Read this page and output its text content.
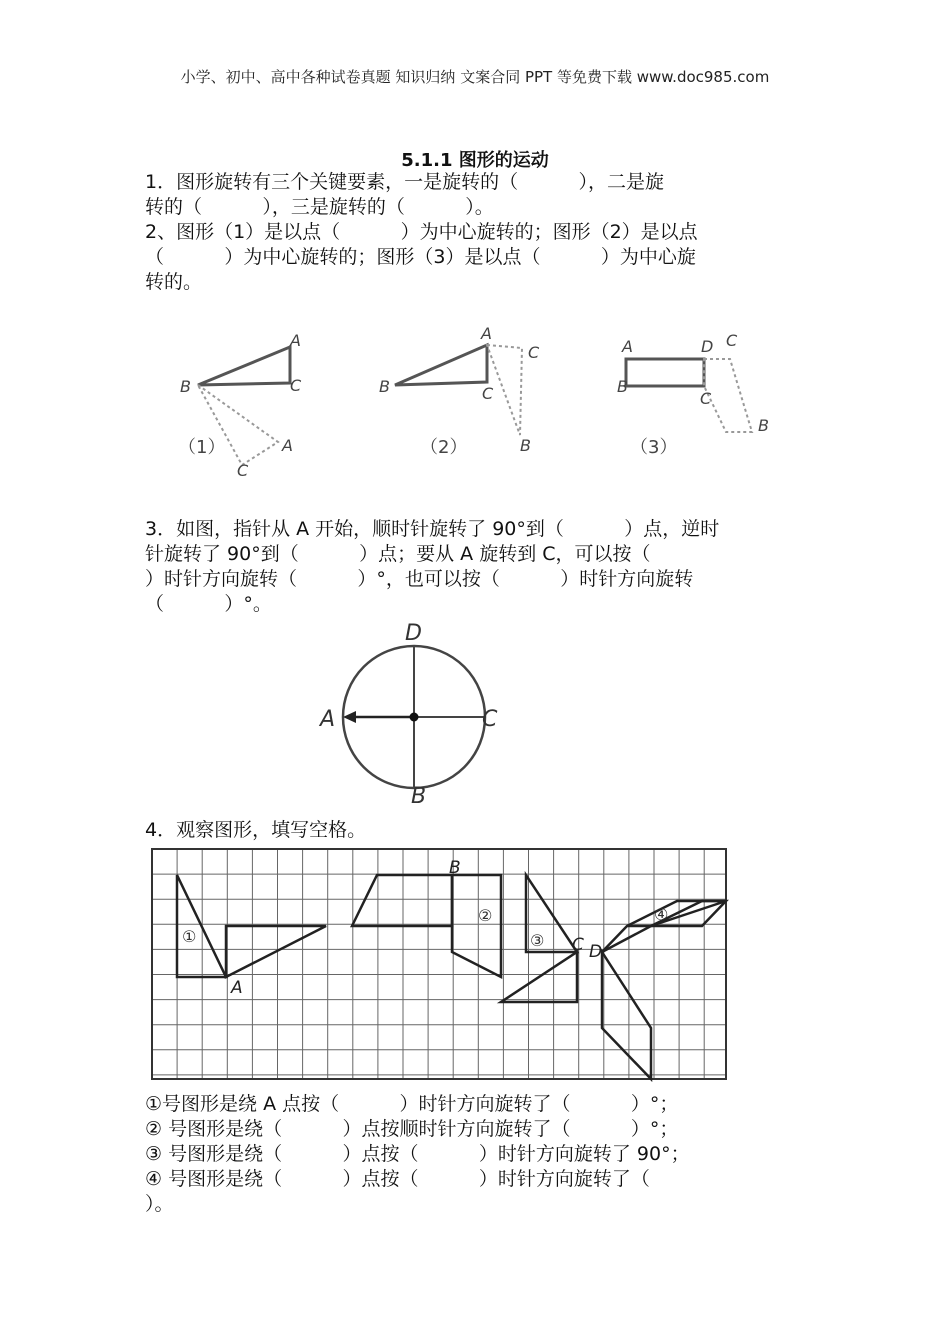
小学、初中、高中各种试卷真题 知识归纳 文案合同 PPT 等免费下载 www.doc985.com
5.1.1 图形的运动
1．图形旋转有三个关键要素，一是旋转的（          ），二是旋
转的（          ），三是旋转的（          ）。
2、图形（1）是以点（          ）为中心旋转的；图形（2）是以点
（          ）为中心旋转的；图形（3）是以点（          ）为中心旋
转的。
B
A
C
A
C
（1）
B
A
C
C
B
（2）
A
B
D C
C
B
（3）
3．如图，指针从 A 开始，顺时针旋转了 90°到（          ）点，逆时
针旋转了 90°到（          ）点；要从 A 旋转到 C，可以按（
）时针方向旋转（          ）°，也可以按（          ）时针方向旋转
（          ）°。
D
A	C
B
4．观察图形，填写空格。
①
②
③
④
A
B
C D
①号图形是绕 A 点按（          ）时针方向旋转了（          ）°；
② 号图形是绕（          ）点按顺时针方向旋转了（          ）°；
③ 号图形是绕（          ）点按（          ）时针方向旋转了 90°；
④ 号图形是绕（          ）点按（          ）时针方向旋转了（
）。
